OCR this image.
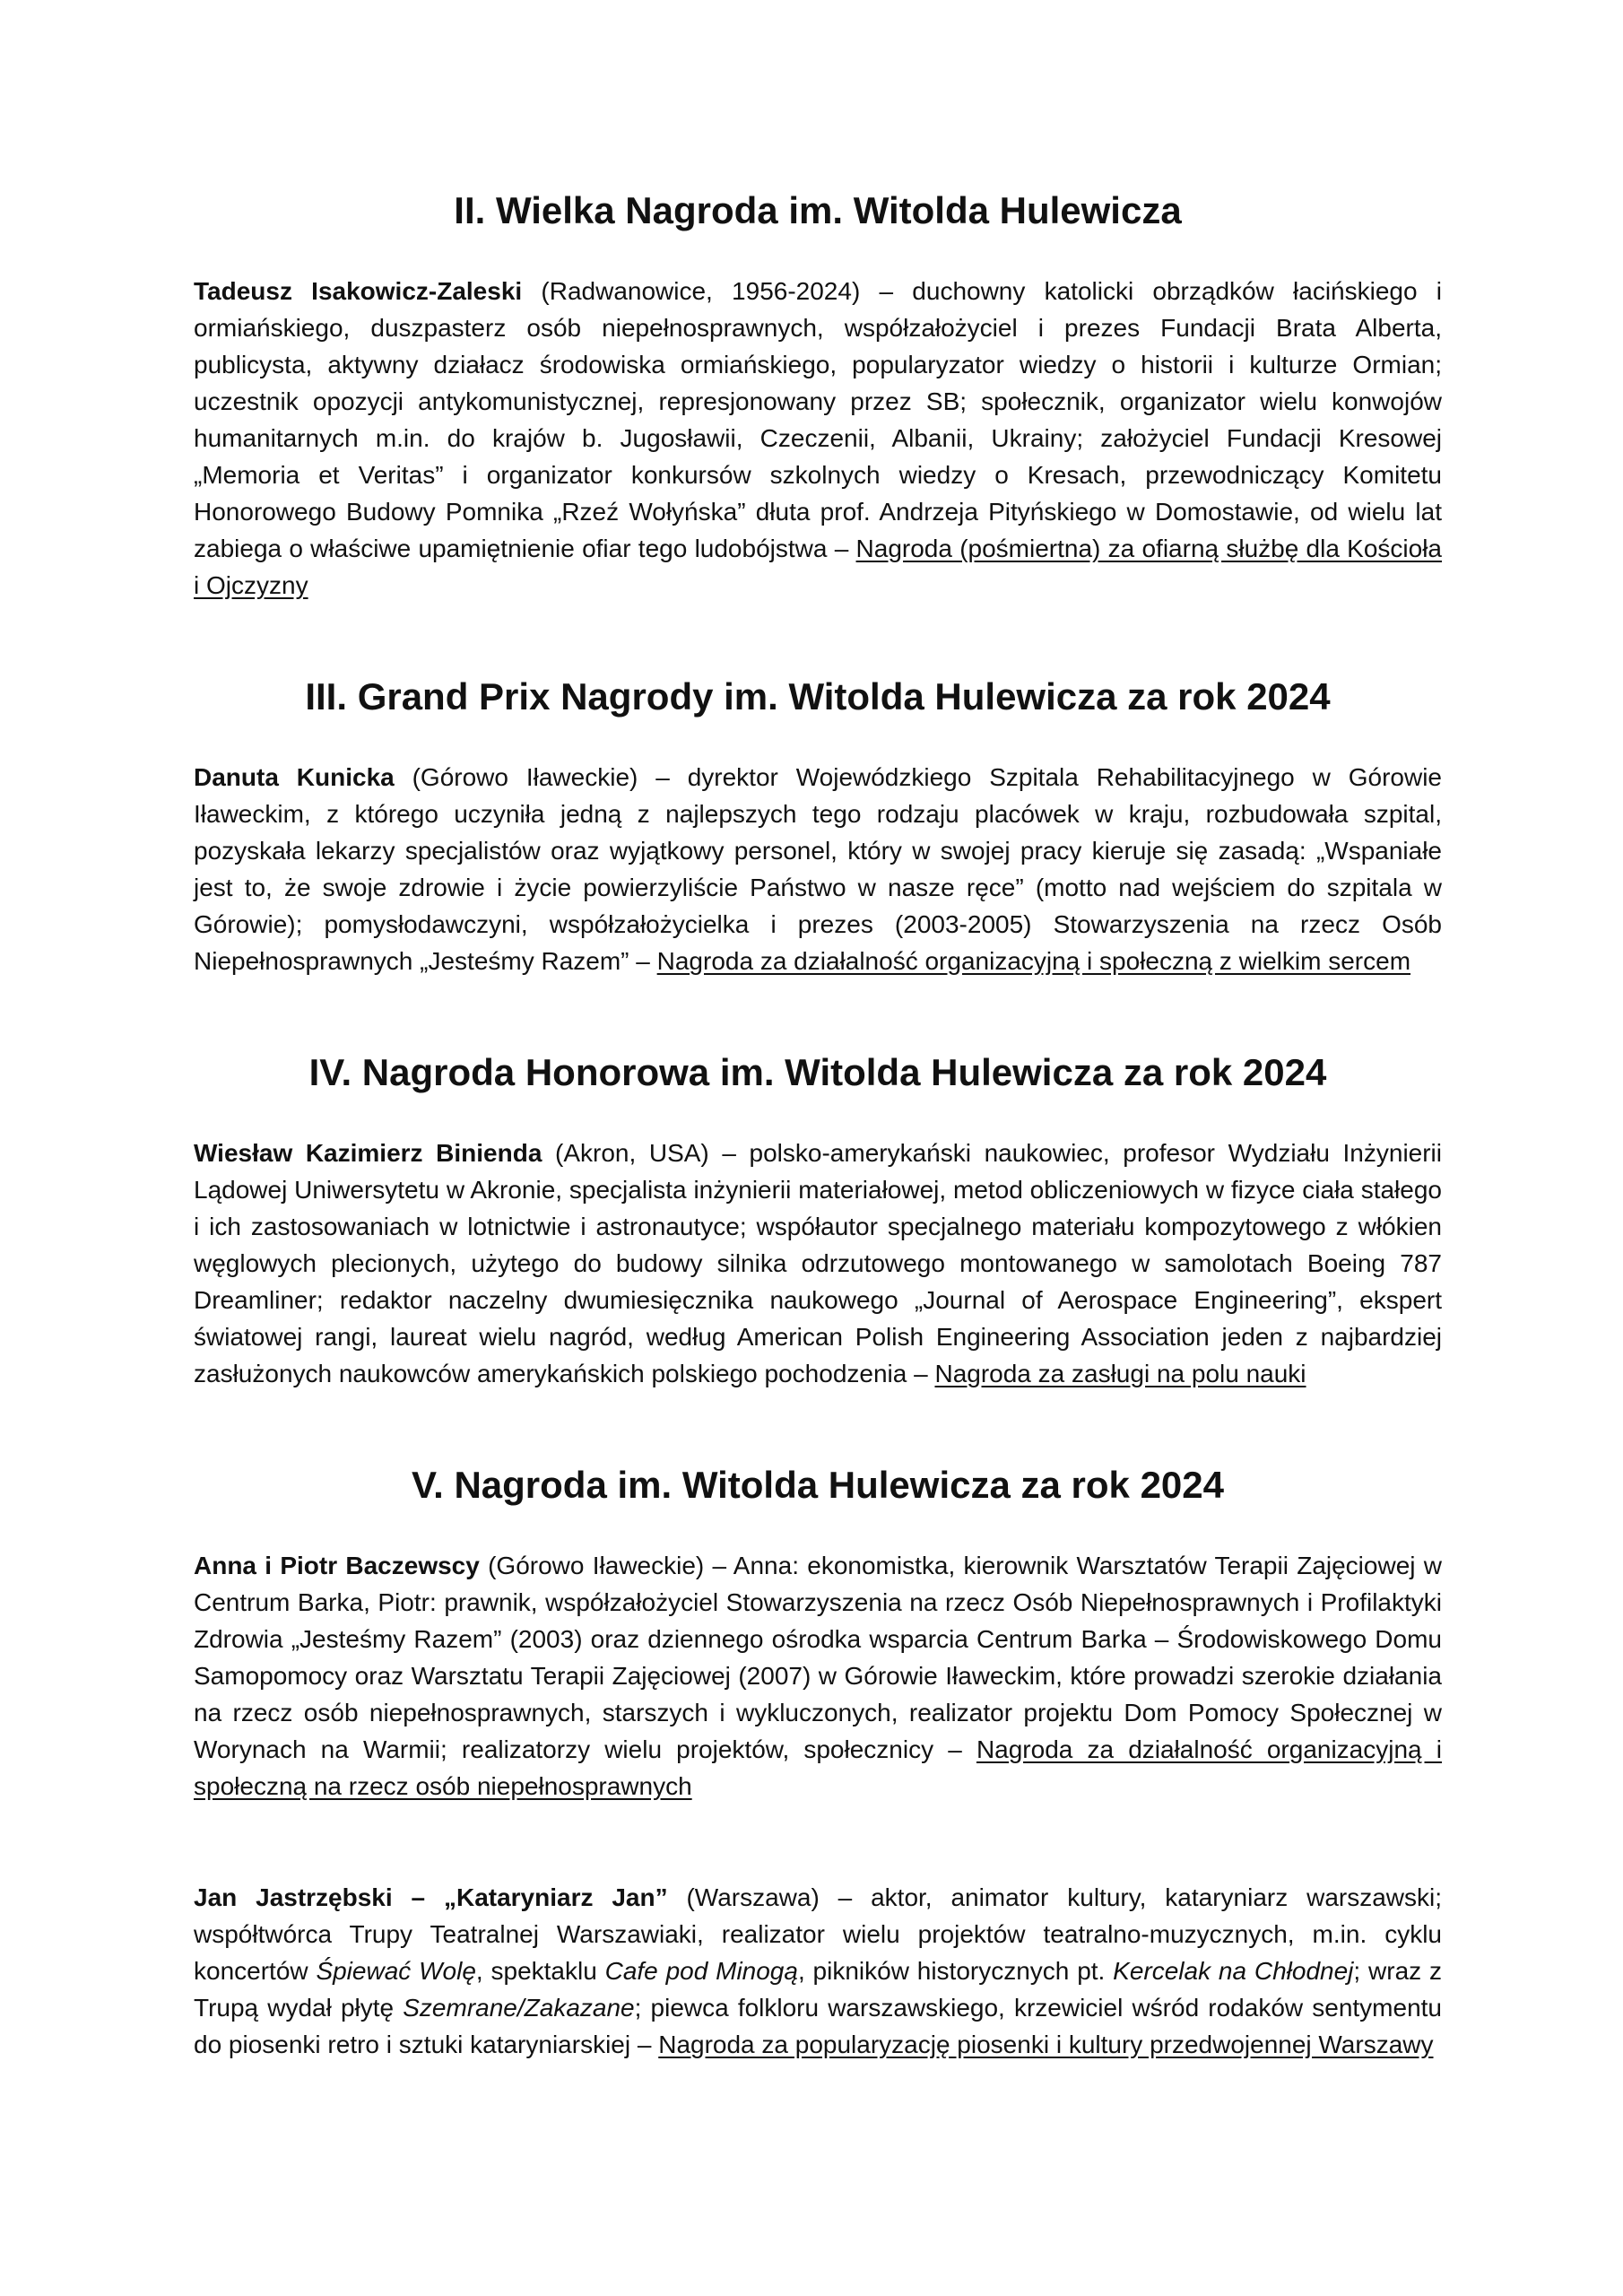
II. Wielka Nagroda im. Witolda Hulewicza

Tadeusz Isakowicz-Zaleski (Radwanowice, 1956-2024) – duchowny katolicki obrządków łacińskiego i ormiańskiego, duszpasterz osób niepełnosprawnych, współzałożyciel i prezes Fundacji Brata Alberta, publicysta, aktywny działacz środowiska ormiańskiego, popularyzator wiedzy o historii i kulturze Ormian; uczestnik opozycji antykomunistycznej, represjonowany przez SB; społecznik, organizator wielu konwojów humanitarnych m.in. do krajów b. Jugosławii, Czeczenii, Albanii, Ukrainy; założyciel Fundacji Kresowej „Memoria et Veritas” i organizator konkursów szkolnych wiedzy o Kresach, przewodniczący Komitetu Honorowego Budowy Pomnika „Rzeź Wołyńska” dłuta prof. Andrzeja Pityńskiego w Domostawie, od wielu lat zabiega o właściwe upamiętnienie ofiar tego ludobójstwa – Nagroda (pośmiertna) za ofiarną służbę dla Kościoła i Ojczyzny

III. Grand Prix Nagrody im. Witolda Hulewicza za rok 2024

Danuta Kunicka (Górowo Iławeckie) – dyrektor Wojewódzkiego Szpitala Rehabilitacyjnego w Górowie Iławeckim, z którego uczyniła jedną z najlepszych tego rodzaju placówek w kraju, rozbudowała szpital, pozyskała lekarzy specjalistów oraz wyjątkowy personel, który w swojej pracy kieruje się zasadą: „Wspaniałe jest to, że swoje zdrowie i życie powierzyliście Państwo w nasze ręce” (motto nad wejściem do szpitala w Górowie); pomysłodawczyni, współzałożycielka i prezes (2003-2005) Stowarzyszenia na rzecz Osób Niepełnosprawnych „Jesteśmy Razem” – Nagroda za działalność organizacyjną i społeczną z wielkim sercem

IV. Nagroda Honorowa im. Witolda Hulewicza za rok 2024

Wiesław Kazimierz Binienda (Akron, USA) – polsko-amerykański naukowiec, profesor Wydziału Inżynierii Lądowej Uniwersytetu w Akronie, specjalista inżynierii materiałowej, metod obliczeniowych w fizyce ciała stałego i ich zastosowaniach w lotnictwie i astronautyce; współautor specjalnego materiału kompozytowego z włókien węglowych plecionych, użytego do budowy silnika odrzutowego montowanego w samolotach Boeing 787 Dreamliner; redaktor naczelny dwumiesięcznika naukowego „Journal of Aerospace Engineering”, ekspert światowej rangi, laureat wielu nagród, według American Polish Engineering Association jeden z najbardziej zasłużonych naukowców amerykańskich polskiego pochodzenia – Nagroda za zasługi na polu nauki

V. Nagroda im. Witolda Hulewicza za rok 2024

Anna i Piotr Baczewscy (Górowo Iławeckie) – Anna: ekonomistka, kierownik Warsztatów Terapii Zajęciowej w Centrum Barka, Piotr: prawnik, współzałożyciel Stowarzyszenia na rzecz Osób Niepełnosprawnych i Profilaktyki Zdrowia „Jesteśmy Razem” (2003) oraz dziennego ośrodka wsparcia Centrum Barka – Środowiskowego Domu Samopomocy oraz Warsztatu Terapii Zajęciowej (2007) w Górowie Iławeckim, które prowadzi szerokie działania na rzecz osób niepełnosprawnych, starszych i wykluczonych, realizator projektu Dom Pomocy Społecznej w Worynach na Warmii; realizatorzy wielu projektów, społecznicy – Nagroda za działalność organizacyjną i społeczną na rzecz osób niepełnosprawnych

Jan Jastrzębski – „Kataryniarz Jan” (Warszawa) – aktor, animator kultury, kataryniarz warszawski; współtwórca Trupy Teatralnej Warszawiaki, realizator wielu projektów teatralno-muzycznych, m.in. cyklu koncertów Śpiewać Wolę, spektaklu Cafe pod Minogą, pikników historycznych pt. Kercelak na Chłodnej; wraz z Trupą wydał płytę Szemrane/Zakazane; piewca folkloru warszawskiego, krzewiciel wśród rodaków sentymentu do piosenki retro i sztuki kataryniarskiej – Nagroda za popularyzację piosenki i kultury przedwojennej Warszawy
